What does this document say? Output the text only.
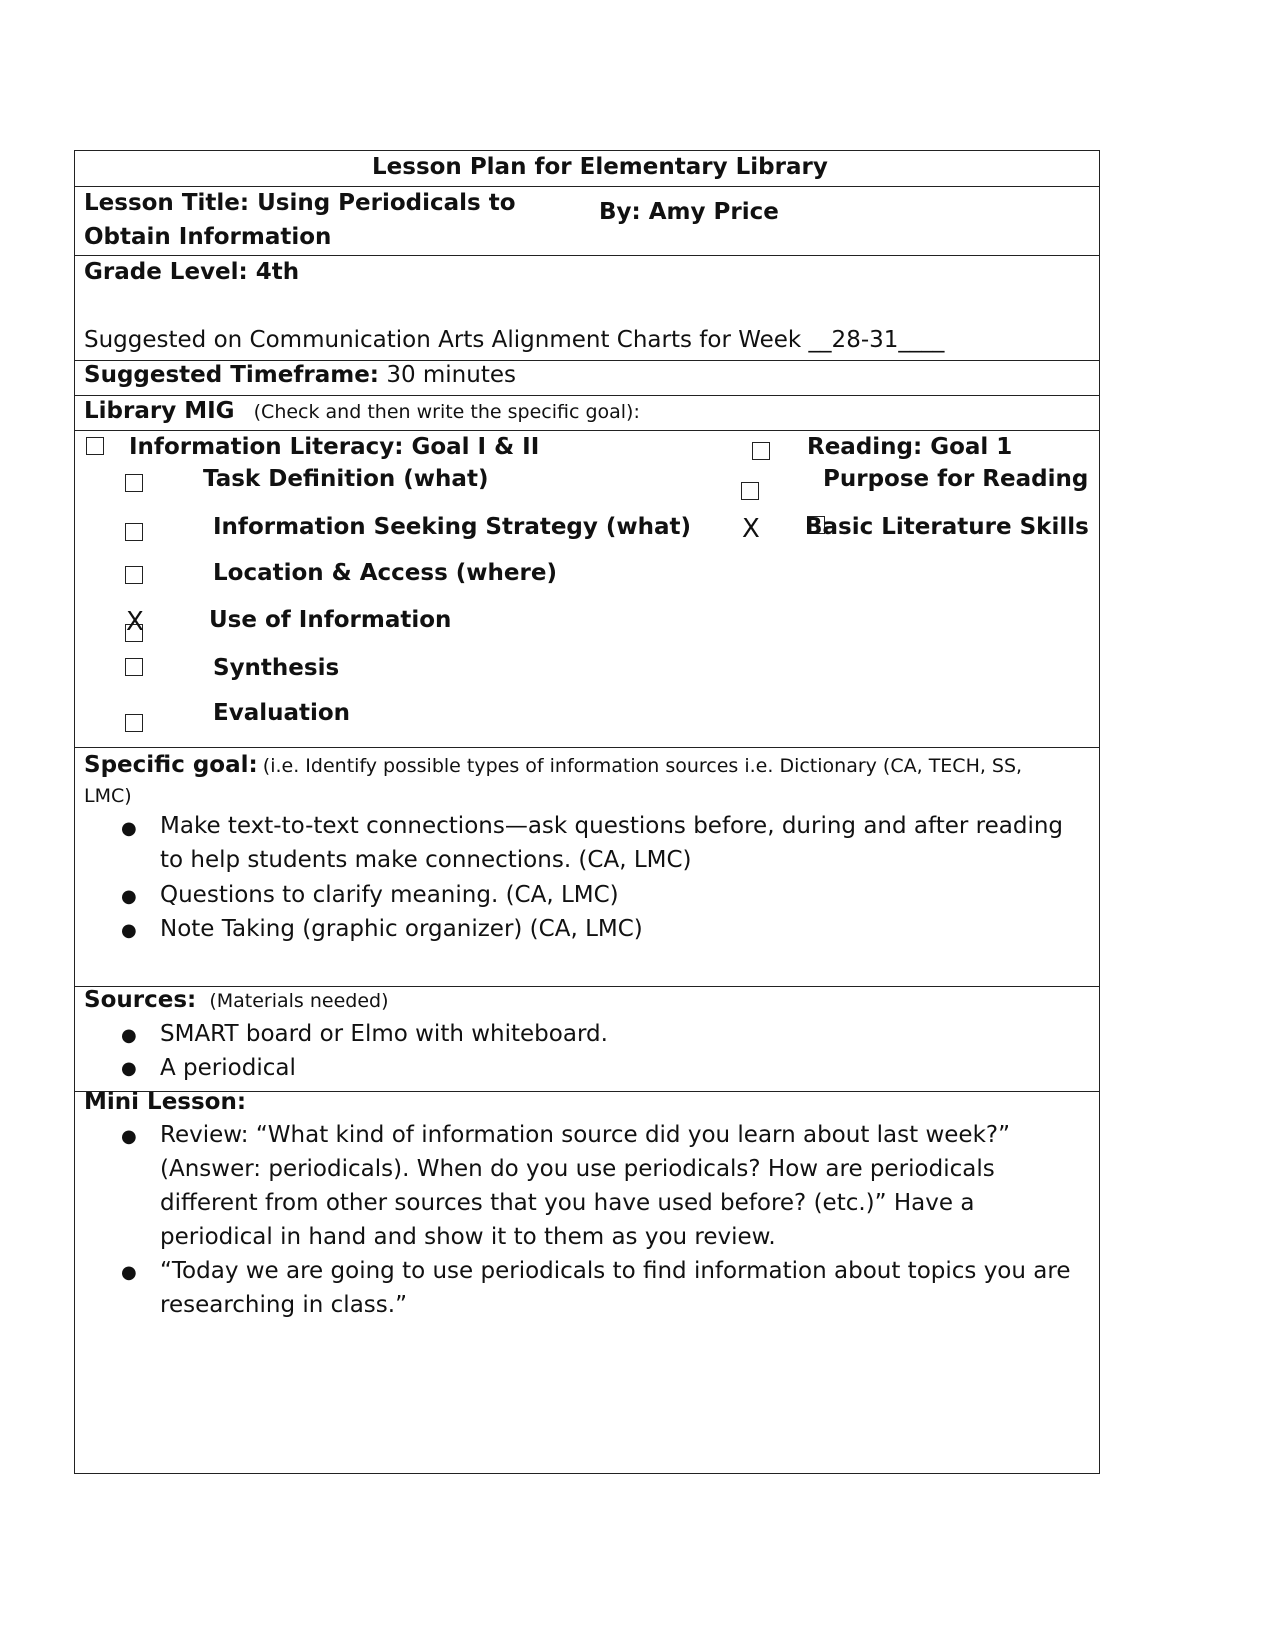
Lesson Plan for Elementary Library
Lesson Title: Using Periodicals to
Obtain Information
By: Amy Price
Grade Level: 4th
Suggested on Communication Arts Alignment Charts for Week __28-31____
Suggested Timeframe: 30 minutes
Library MIG (Check and then write the specific goal):
Information Literacy: Goal I & II
Task Definition (what)
Information Seeking Strategy (what)
Location & Access (where)
X	Use of Information
Synthesis
Evaluation
Reading: Goal 1
Purpose for Reading
X Basic Literature Skills
Specific goal: (i.e. Identify possible types of information sources i.e. Dictionary (CA, TECH, SS,
LMC)
● Make text-to-text connections—ask questions before, during and after reading
to help students make connections. (CA, LMC)
● Questions to clarify meaning. (CA, LMC)
● Note Taking (graphic organizer) (CA, LMC)
Sources: (Materials needed)
● SMART board or Elmo with whiteboard.
● A periodical
Mini Lesson:
● Review: “What kind of information source did you learn about last week?”
(Answer: periodicals). When do you use periodicals? How are periodicals
different from other sources that you have used before? (etc.)” Have a
periodical in hand and show it to them as you review.
● “Today we are going to use periodicals to find information about topics you are
researching in class.”
